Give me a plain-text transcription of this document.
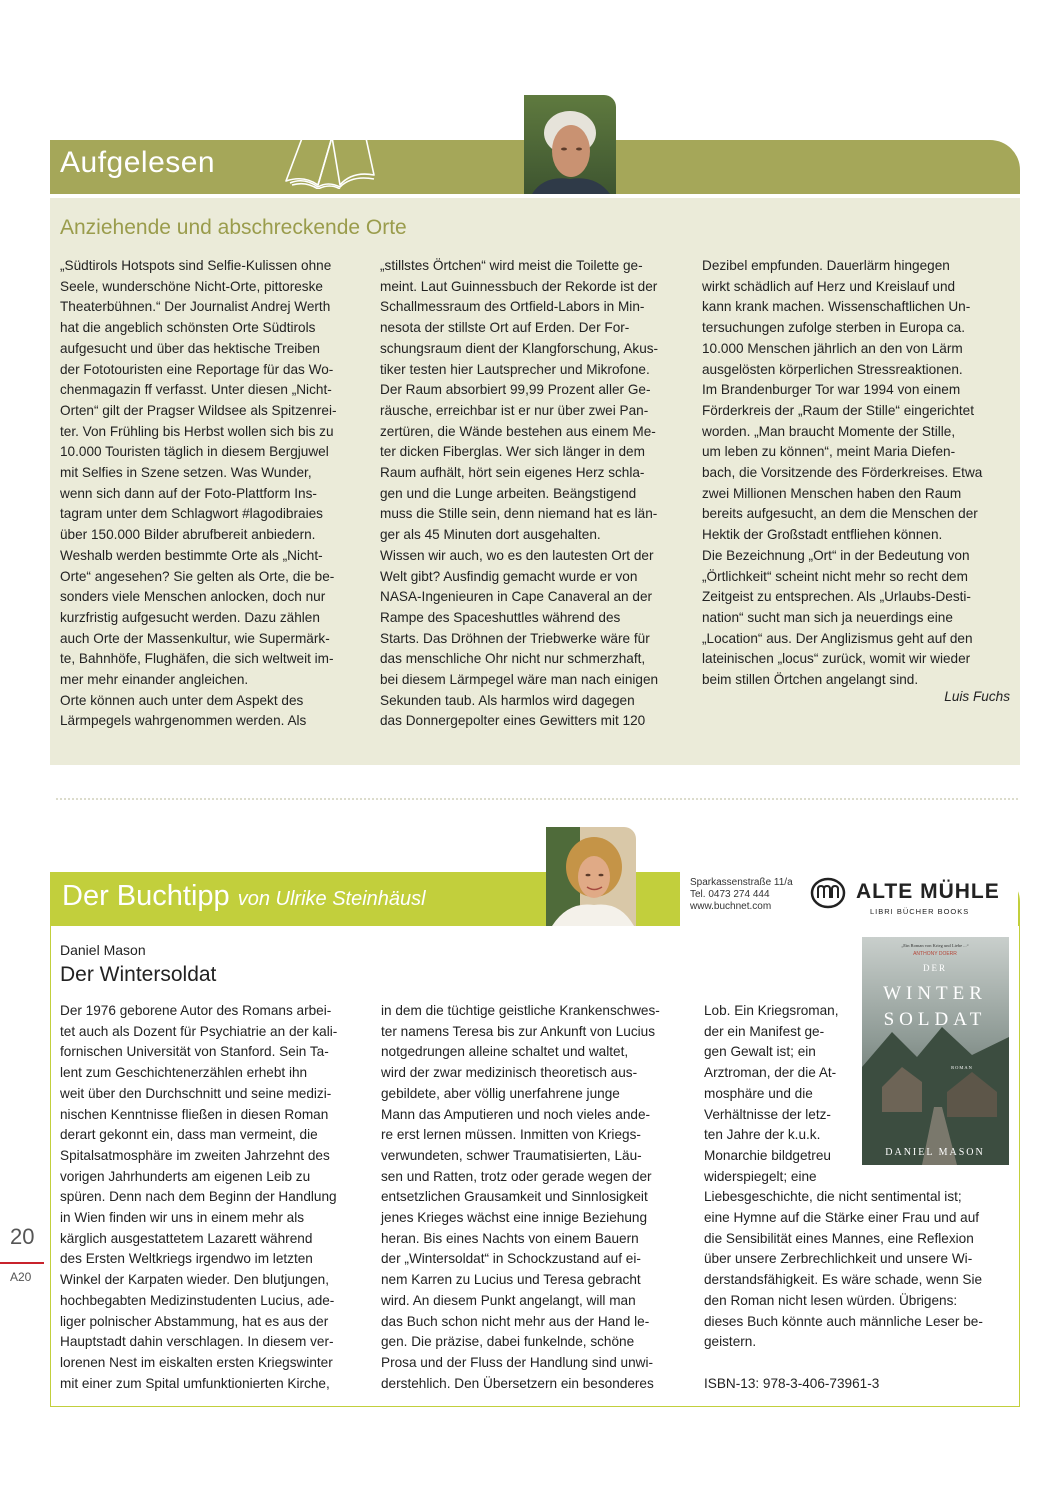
Aufgelesen
Anziehende und abschreckende Orte

„Südtirols Hotspots sind Selfie-Kulissen ohne

Seele, wunderschöne Nicht-Orte, pittoreske

Theaterbühnen.“ Der Journalist Andrej Werth

hat die angeblich schönsten Orte Südtirols

aufgesucht und über das hektische Treiben

der Fototouristen eine Reportage für das Wo-

chenmagazin ff verfasst. Unter diesen „Nicht-

Orten“ gilt der Pragser Wildsee als Spitzenrei-

ter. Von Frühling bis Herbst wollen sich bis zu

10.000 Touristen täglich in diesem Bergjuwel

mit Selfies in Szene setzen. Was Wunder,

wenn sich dann auf der Foto-Plattform Ins-

tagram unter dem Schlagwort #lagodibraies

über 150.000 Bilder abrufbereit anbiedern.

Weshalb werden bestimmte Orte als „Nicht-

Orte“ angesehen? Sie gelten als Orte, die be-

sonders viele Menschen anlocken, doch nur

kurzfristig aufgesucht werden. Dazu zählen

auch Orte der Massenkultur, wie Supermärk-

te, Bahnhöfe, Flughäfen, die sich weltweit im-

mer mehr einander angleichen.

Orte können auch unter dem Aspekt des

Lärmpegels wahrgenommen werden. Als

„stillstes Örtchen“ wird meist die Toilette ge-

meint. Laut Guinnessbuch der Rekorde ist der

Schallmessraum des Ortfield-Labors in Min-

nesota der stillste Ort auf Erden. Der For-

schungsraum dient der Klangforschung, Akus-

tiker testen hier Lautsprecher und Mikrofone.

Der Raum absorbiert 99,99 Prozent aller Ge-

räusche, erreichbar ist er nur über zwei Pan-

zertüren, die Wände bestehen aus einem Me-

ter dicken Fiberglas. Wer sich länger in dem

Raum aufhält, hört sein eigenes Herz schla-

gen und die Lunge arbeiten. Beängstigend

muss die Stille sein, denn niemand hat es län-

ger als 45 Minuten dort ausgehalten.

Wissen wir auch, wo es den lautesten Ort der

Welt gibt? Ausfindig gemacht wurde er von

NASA-Ingenieuren in Cape Canaveral an der

Rampe des Spaceshuttles während des

Starts. Das Dröhnen der Triebwerke wäre für

das menschliche Ohr nicht nur schmerzhaft,

bei diesem Lärmpegel wäre man nach einigen

Sekunden taub. Als harmlos wird dagegen

das Donnergepolter eines Gewitters mit 120

Dezibel empfunden. Dauerlärm hingegen

wirkt schädlich auf Herz und Kreislauf und

kann krank machen. Wissenschaftlichen Un-

tersuchungen zufolge sterben in Europa ca.

10.000 Menschen jährlich an den von Lärm

ausgelösten körperlichen Stressreaktionen.

Im Brandenburger Tor war 1994 von einem

Förderkreis der „Raum der Stille“ eingerichtet

worden. „Man braucht Momente der Stille,

um leben zu können“, meint Maria Diefen-

bach, die Vorsitzende des Förderkreises. Etwa

zwei Millionen Menschen haben den Raum

bereits aufgesucht, an dem die Menschen der

Hektik der Großstadt entfliehen können.

Die Bezeichnung „Ort“ in der Bedeutung von

„Örtlichkeit“ scheint nicht mehr so recht dem

Zeitgeist zu entsprechen. Als „Urlaubs-Desti-

nation“ sucht man sich ja neuerdings eine

„Location“ aus. Der Anglizismus geht auf den

lateinischen „locus“ zurück, womit wir wieder

beim stillen Örtchen angelangt sind.

Luis Fuchs
Der Buchtipp von Ulrike Steinhäusl
Sparkassenstraße 11/a
Tel. 0473 274 444
www.buchnet.com
ALTE MÜHLE
LIBRI BÜCHER BOOKS
Daniel Mason
Der Wintersoldat
„Ein Roman von Krieg und Liebe ...“
ANTHONY DOERR
DER
WINTER
SOLDAT
ROMAN
DANIEL MASON

Der 1976 geborene Autor des Romans arbei-

tet auch als Dozent für Psychiatrie an der kali-

fornischen Universität von Stanford. Sein Ta-

lent zum Geschichtenerzählen erhebt ihn

weit über den Durchschnitt und seine medizi-

nischen Kenntnisse fließen in diesen Roman

derart gekonnt ein, dass man vermeint, die

Spitalsatmosphäre im zweiten Jahrzehnt des

vorigen Jahrhunderts am eigenen Leib zu

spüren. Denn nach dem Beginn der Handlung

in Wien finden wir uns in einem mehr als

kärglich ausgestattetem Lazarett während

des Ersten Weltkriegs irgendwo im letzten

Winkel der Karpaten wieder. Den blutjungen,

hochbegabten Medizinstudenten Lucius, ade-

liger polnischer Abstammung, hat es aus der

Hauptstadt dahin verschlagen. In diesem ver-

lorenen Nest im eiskalten ersten Kriegswinter

mit einer zum Spital umfunktionierten Kirche,

in dem die tüchtige geistliche Krankenschwes-

ter namens Teresa bis zur Ankunft von Lucius

notgedrungen alleine schaltet und waltet,

wird der zwar medizinisch theoretisch aus-

gebildete, aber völlig unerfahrene junge

Mann das Amputieren und noch vieles ande-

re erst lernen müssen. Inmitten von Kriegs-

verwundeten, schwer Traumatisierten, Läu-

sen und Ratten, trotz oder gerade wegen der

entsetzlichen Grausamkeit und Sinnlosigkeit

jenes Krieges wächst eine innige Beziehung

heran. Bis eines Nachts von einem Bauern

der „Wintersoldat“ in Schockzustand auf ei-

nem Karren zu Lucius und Teresa gebracht

wird. An diesem Punkt angelangt, will man

das Buch schon nicht mehr aus der Hand le-

gen. Die präzise, dabei funkelnde, schöne

Prosa und der Fluss der Handlung sind unwi-

derstehlich. Den Übersetzern ein besonderes

Lob. Ein Kriegsroman,

der ein Manifest ge-

gen Gewalt ist; ein

Arztroman, der die At-

mosphäre und die

Verhältnisse der letz-

ten Jahre der k.u.k.

Monarchie bildgetreu

widerspiegelt; eine

Liebesgeschichte, die nicht sentimental ist;

eine Hymne auf die Stärke einer Frau und auf

die Sensibilität eines Mannes, eine Reflexion

über unsere Zerbrechlichkeit und unsere Wi-

derstandsfähigkeit. Es wäre schade, wenn Sie

den Roman nicht lesen würden. Übrigens:

dieses Buch könnte auch männliche Leser be-

geistern.

ISBN-13: 978-3-406-73961-3

20
A20
